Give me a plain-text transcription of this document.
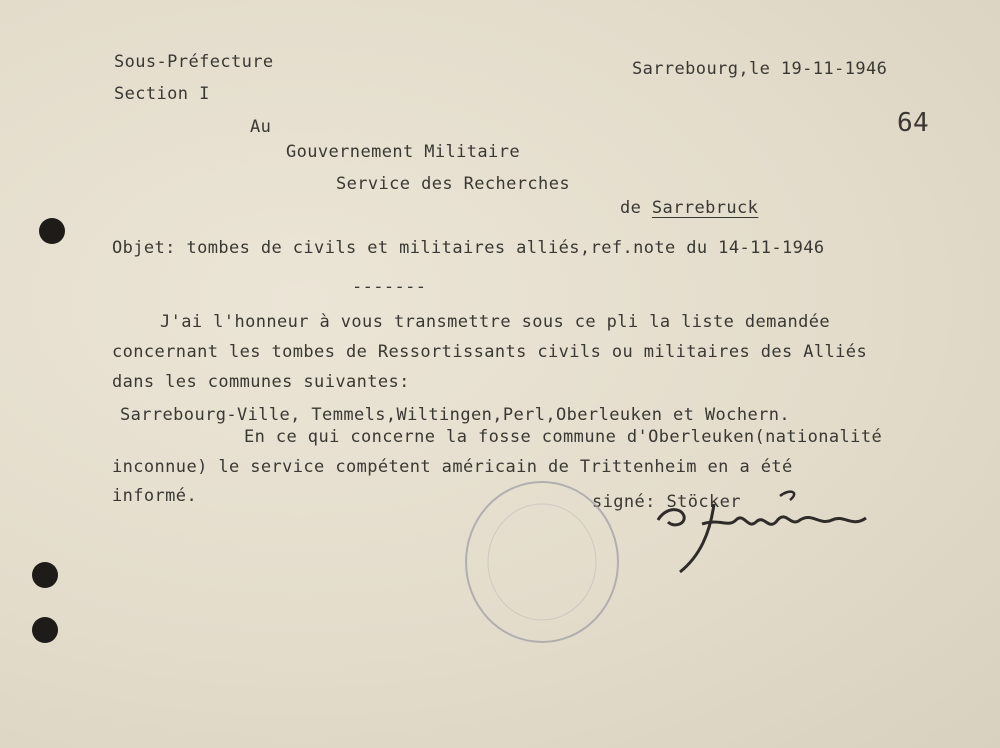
Sous-Préfecture
Section I
Sarrebourg,le 19-11-1946
64
Au
Gouvernement Militaire
Service des Recherches
de Sarrebruck
Objet: tombes de civils et militaires alliés,ref.note du 14-11-1946
-------
J'ai l'honneur à vous transmettre sous ce pli la liste demandée
concernant les tombes de Ressortissants civils ou militaires des Alliés
dans les communes suivantes:
Sarrebourg-Ville, Temmels,Wiltingen,Perl,Oberleuken et Wochern.
En ce qui concerne la fosse commune d'Oberleuken(nationalité
inconnue) le service compétent américain de Trittenheim en a été
informé.	signé: Stöcker
